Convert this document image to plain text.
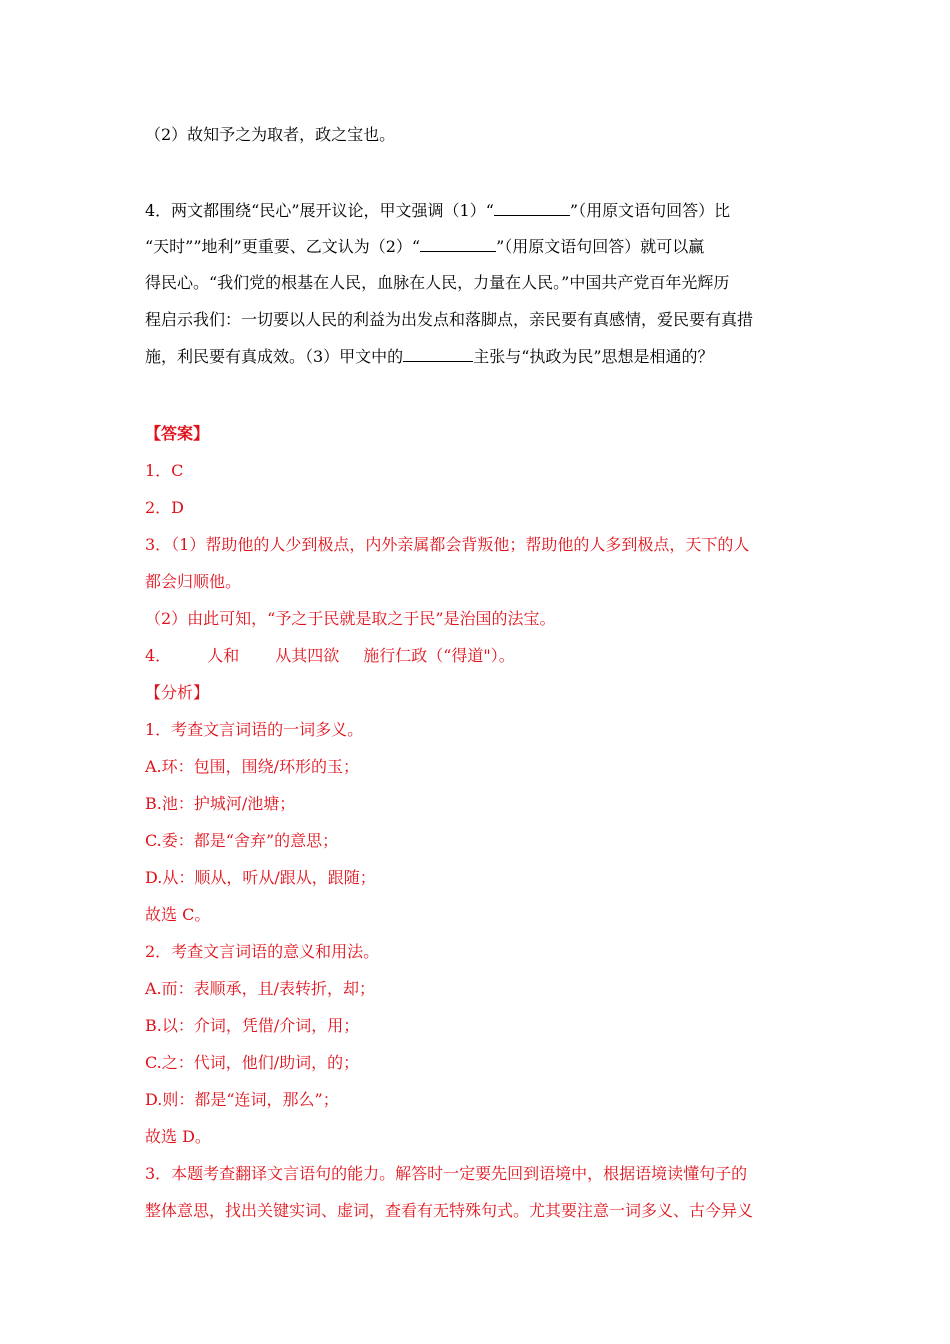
（2）故知予之为取者，政之宝也。
4．两文都围绕“民心”展开议论，甲文强调（1）“	”（用原文语句回答）比
“天时””地利”更重要、乙文认为（2）“	”（用原文语句回答）就可以赢
得民心。“我们党的根基在人民，血脉在人民，力量在人民。”中国共产党百年光辉历
程启示我们：一切要以人民的利益为出发点和落脚点，亲民要有真感情，爱民要有真措
施，利民要有真成效。（3）甲文中的	主张与“执政为民”思想是相通的？
【答案】
1．C
2．D
3．（1）帮助他的人少到极点，内外亲属都会背叛他；帮助他的人多到极点，天下的人
都会归顺他。
（2）由此可知，“予之于民就是取之于民”是治国的法宝。
4． 人和 从其四欲 施行仁政（“得道"）。
【分析】
1．考查文言词语的一词多义。
A.环：包围，围绕/环形的玉；
B.池：护城河/池塘；
C.委：都是“舍弃”的意思；
D.从：顺从，听从/跟从，跟随；
故选 C。
2．考查文言词语的意义和用法。
A.而：表顺承，且/表转折，却；
B.以：介词，凭借/介词，用；
C.之：代词，他们/助词，的；
D.则：都是“连词，那么”；
故选 D。
3．本题考查翻译文言语句的能力。解答时一定要先回到语境中，根据语境读懂句子的
整体意思，找出关键实词、虚词，查看有无特殊句式。尤其要注意一词多义、古今异义
